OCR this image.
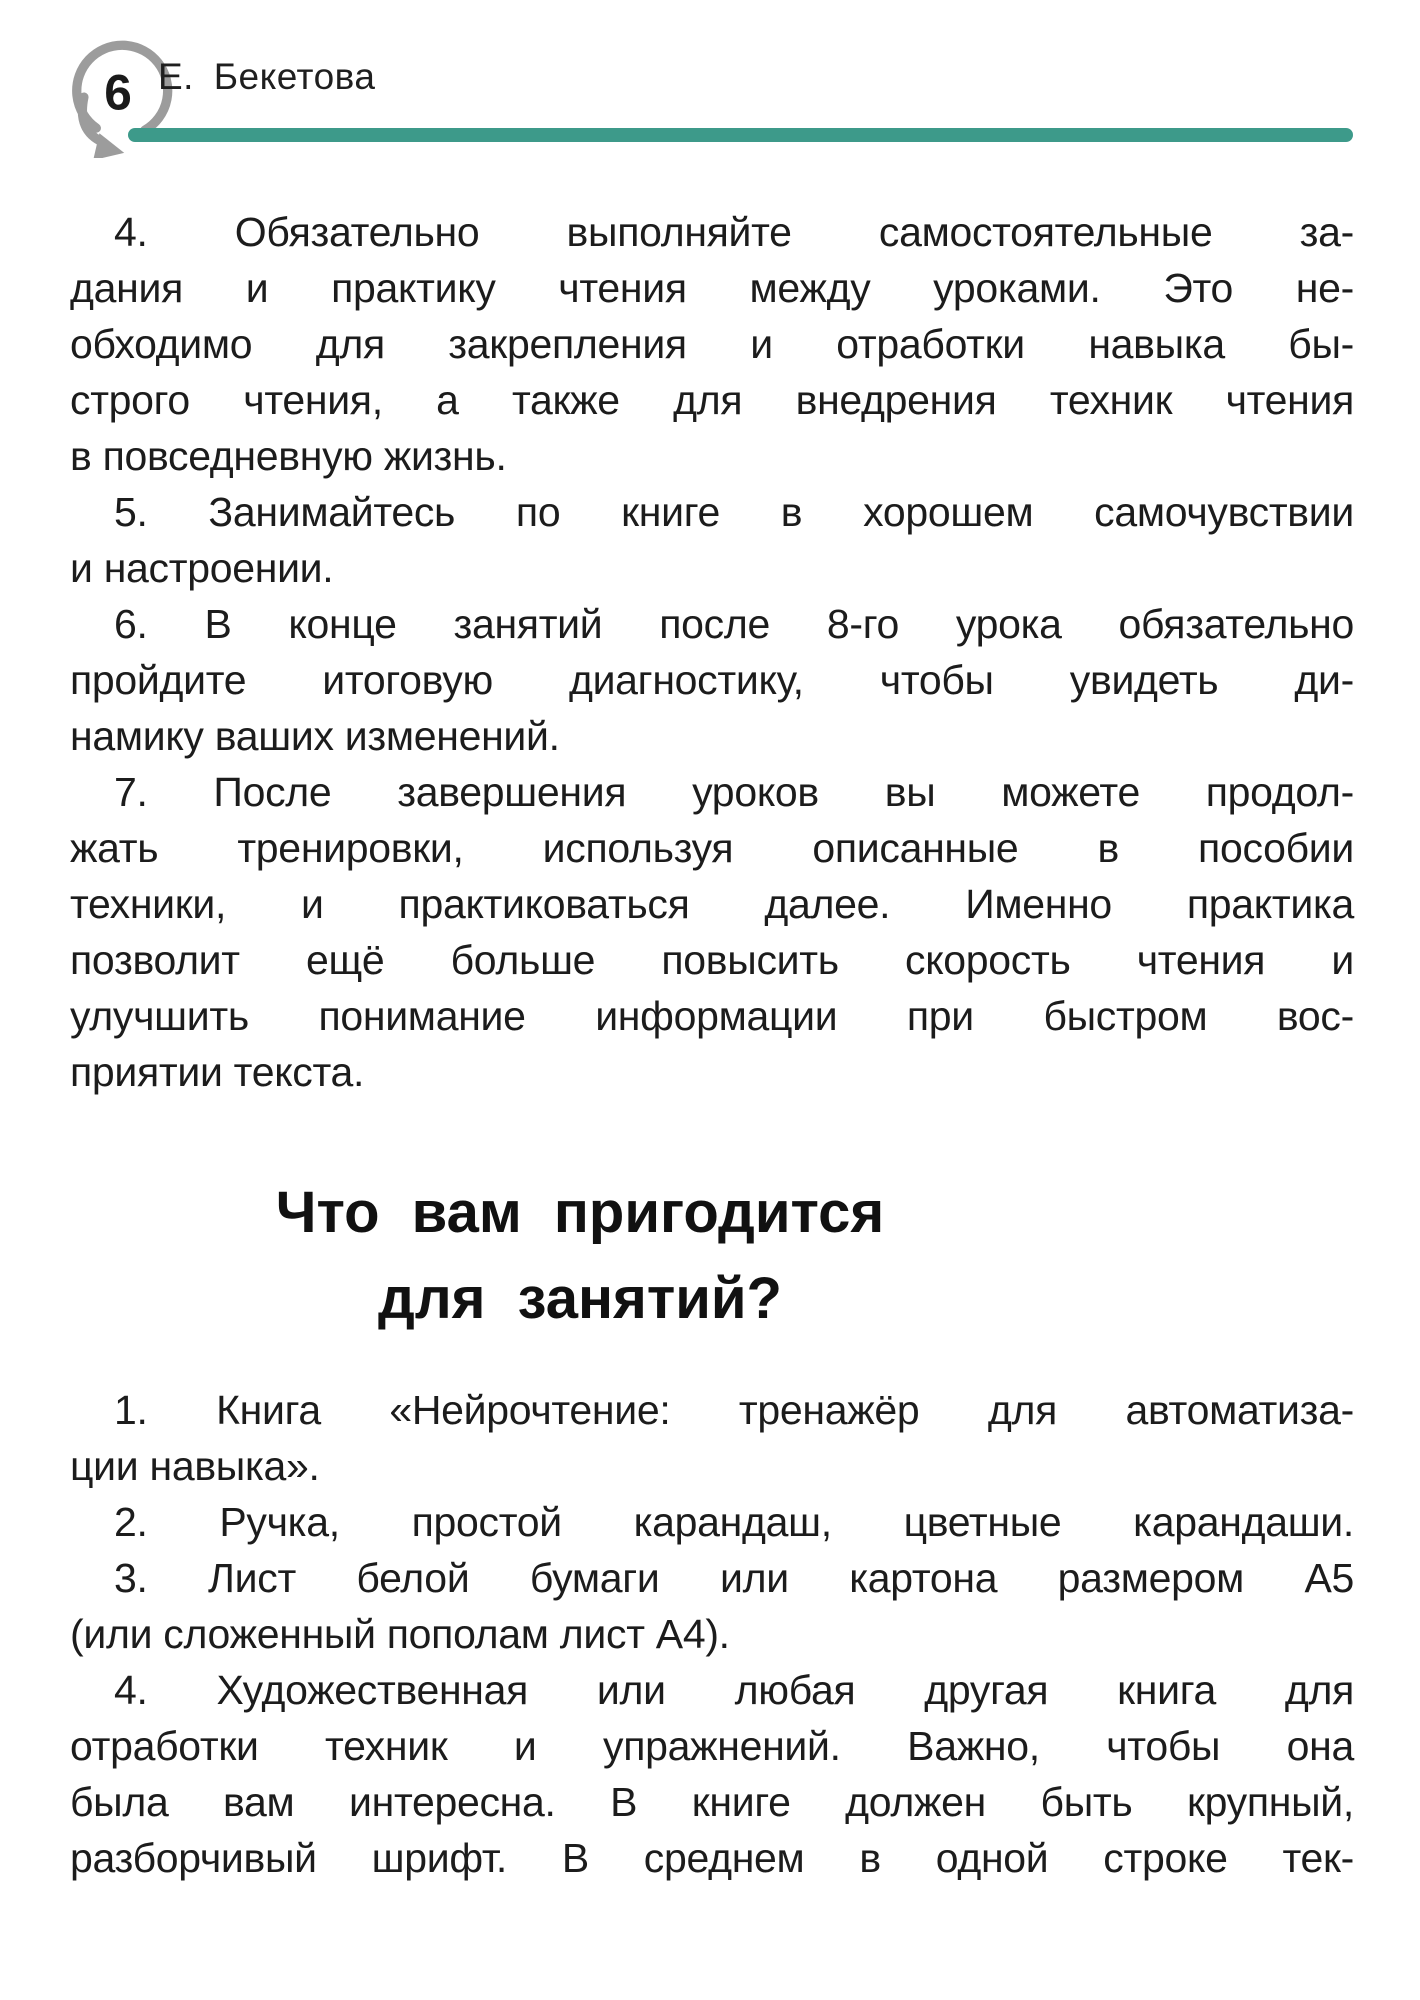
6 Е. Бекетова
4. Обязательно выполняйте самостоятельные за-
дания и практику чтения между уроками. Это не-
обходимо для закрепления и отработки навыка бы-
строго чтения, а также для внедрения техник чтения
в повседневную жизнь.
5. Занимайтесь по книге в хорошем самочувствии
и настроении.
6. В конце занятий после 8-го урока обязательно
пройдите итоговую диагностику, чтобы увидеть ди-
намику ваших изменений.
7. После завершения уроков вы можете продол-
жать тренировки, используя описанные в пособии
техники, и практиковаться далее. Именно практика
позволит ещё больше повысить скорость чтения и
улучшить понимание информации при быстром вос-
приятии текста.
Что вам пригодится
для занятий?
1. Книга «Нейрочтение: тренажёр для автоматиза-
ции навыка».
2. Ручка, простой карандаш, цветные карандаши.
3. Лист белой бумаги или картона размером А5
(или сложенный пополам лист А4).
4. Художественная или любая другая книга для
отработки техник и упражнений. Важно, чтобы она
была вам интересна. В книге должен быть крупный,
разборчивый шрифт. В среднем в одной строке тек-
